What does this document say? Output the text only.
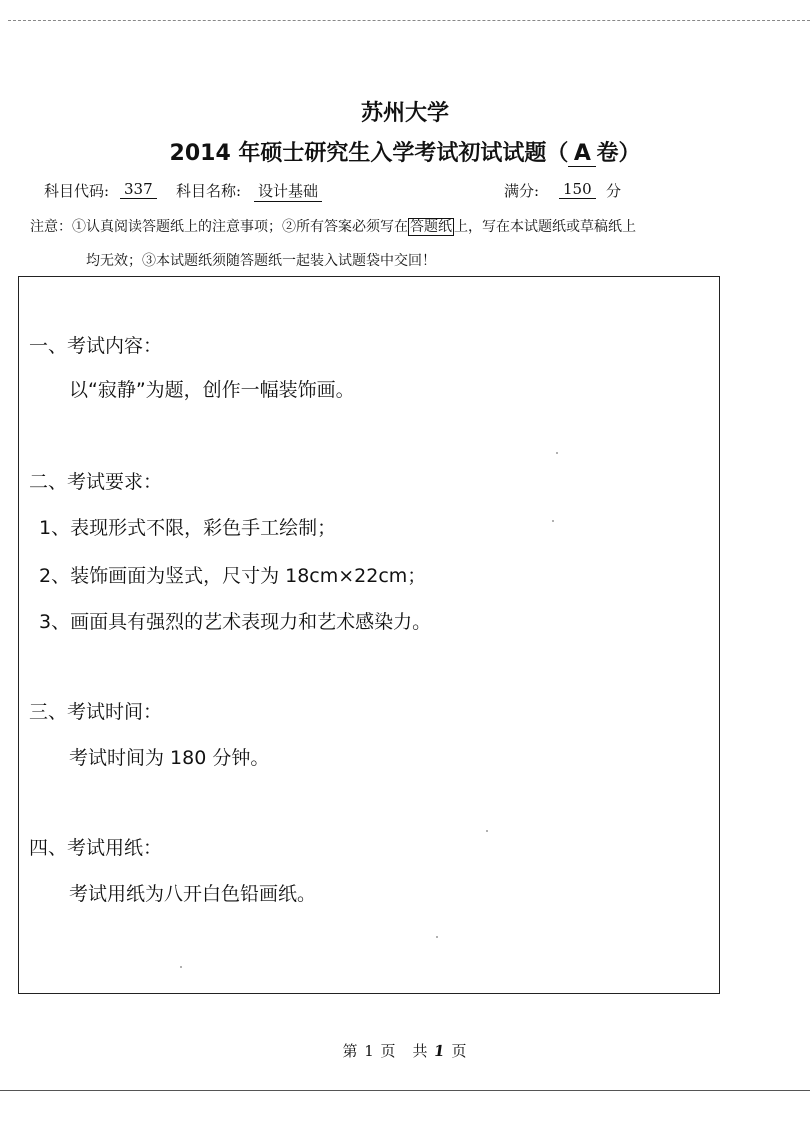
苏州大学
2014 年硕士研究生入学考试初试试题（ A 卷）
科目代码: 337 科目名称: 设计基础	满分: 150 分
注意：①认真阅读答题纸上的注意事项；②所有答案必须写在 答题纸 上，写在本试题纸或草稿纸上
均无效；③本试题纸须随答题纸一起装入试题袋中交回！
一、考试内容：
以“寂静”为题，创作一幅装饰画。
二、考试要求：
1、表现形式不限，彩色手工绘制；
2、装饰画面为竖式，尺寸为 18cm×22cm；
3、画面具有强烈的艺术表现力和艺术感染力。
三、考试时间：
考试时间为 180 分钟。
四、考试用纸：
考试用纸为八开白色铅画纸。
第 1 页　共 1 页
